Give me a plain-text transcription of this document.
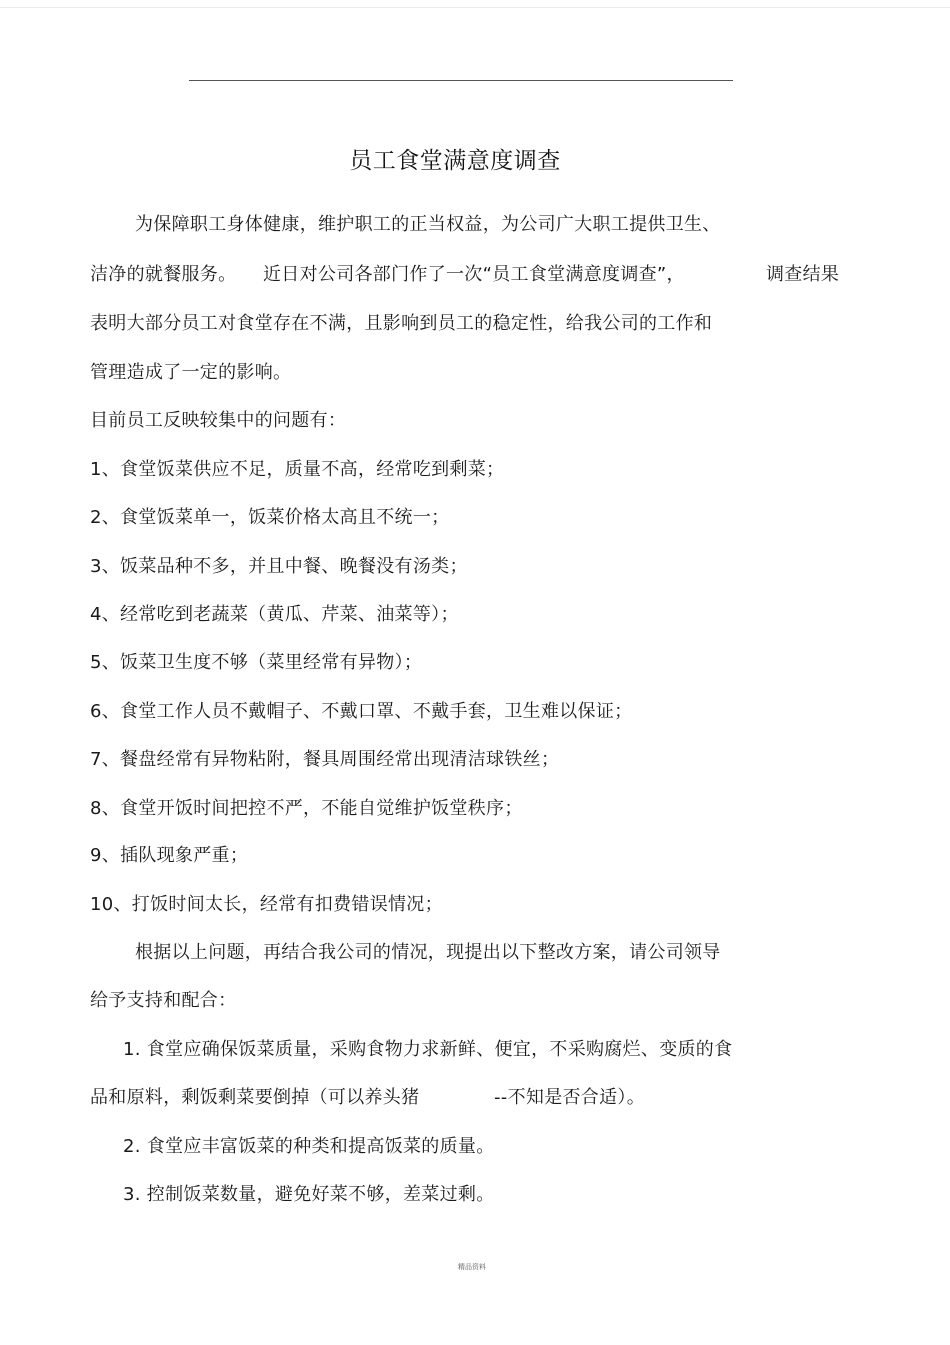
员工食堂满意度调查
为保障职工身体健康，维护职工的正当权益，为公司广大职工提供卫生、
洁净的就餐服务。 近日对公司各部门作了一次“员工食堂满意度调查”，	调查结果
表明大部分员工对食堂存在不满，且影响到员工的稳定性，给我公司的工作和
管理造成了一定的影响。
目前员工反映较集中的问题有：
1、食堂饭菜供应不足，质量不高，经常吃到剩菜；
2、食堂饭菜单一，饭菜价格太高且不统一；
3、饭菜品种不多，并且中餐、晚餐没有汤类；
4、经常吃到老蔬菜（黄瓜、芹菜、油菜等）；
5、饭菜卫生度不够（菜里经常有异物）；
6、食堂工作人员不戴帽子、不戴口罩、不戴手套，卫生难以保证；
7、餐盘经常有异物粘附，餐具周围经常出现清洁球铁丝；
8、食堂开饭时间把控不严，不能自觉维护饭堂秩序；
9、插队现象严重；
10、打饭时间太长，经常有扣费错误情况；
根据以上问题，再结合我公司的情况，现提出以下整改方案，请公司领导
给予支持和配合：
1. 食堂应确保饭菜质量，采购食物力求新鲜、便宜，不采购腐烂、变质的食
品和原料，剩饭剩菜要倒掉（可以养头猪	--不知是否合适）。
2. 食堂应丰富饭菜的种类和提高饭菜的质量。
3. 控制饭菜数量，避免好菜不够，差菜过剩。
精品资料
